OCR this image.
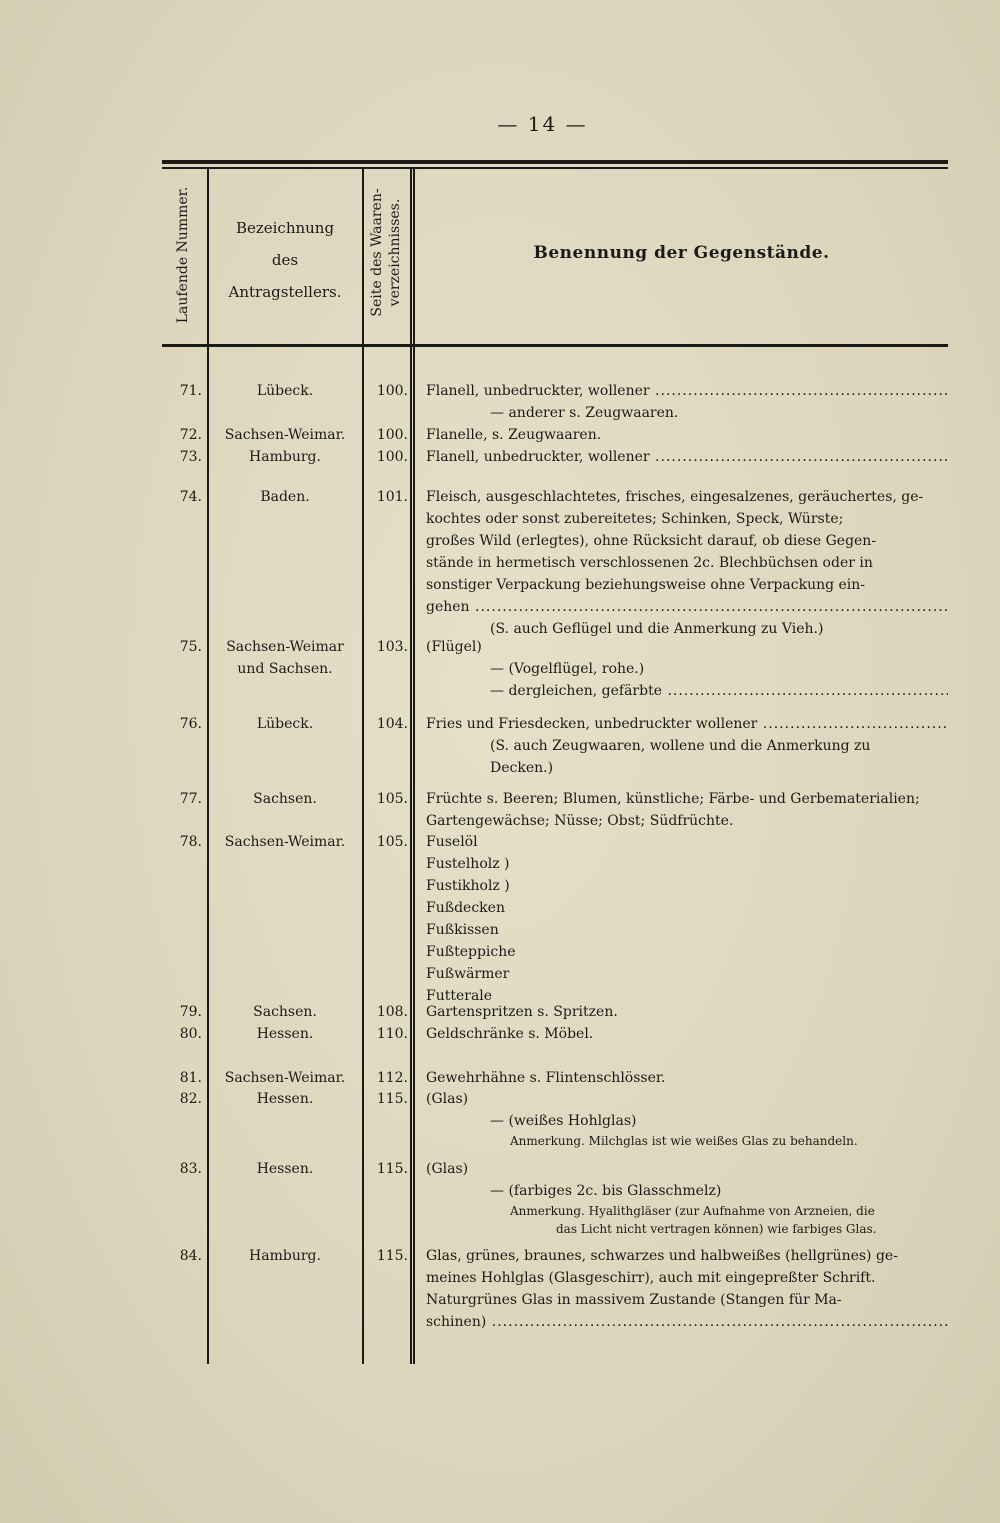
— 14 —
Laufende Nummer.	Bezeichnung
des
Antragstellers.	Seite des Waaren- verzeichnisses.	Benennung der Gegenstände.
71.	Lübeck.	100. Flanell, unbedruckter, wollener .....
— anderer s. Zeugwaaren.
72.	Sachsen-Weimar.	100. Flanelle, s. Zeugwaaren.
73.	Hamburg.	100. Flanell, unbedruckter, wollener .....
74.	Baden.	101. Fleisch, ausgeschlachtetes, frisches, eingesalzenes, geräuchertes, ge-
kochtes oder sonst zubereitetes; Schinken, Speck, Würste;
großes Wild (erlegtes), ohne Rücksicht darauf, ob diese Gegen-
stände in hermetisch verschlossenen 2c. Blechbüchsen oder in
sonstiger Verpackung beziehungsweise ohne Verpackung ein-
gehen .....
(S. auch Geflügel und die Anmerkung zu Vieh.)
75.	Sachsen-Weimar
und Sachsen.
103. (Flügel)
— (Vogelflügel, rohe.)
— dergleichen, gefärbte .....
76.	Lübeck.	104. Fries und Friesdecken, unbedruckter wollener .....
(S. auch Zeugwaaren, wollene und die Anmerkung zu
Decken.)
77.	Sachsen.	105. Früchte s. Beeren; Blumen, künstliche; Färbe- und Gerbematerialien;
Gartengewächse; Nüsse; Obst; Südfrüchte.
78.	Sachsen-Weimar.	105. Fuselöl
Fustelholz )
Fustikholz )
Fußdecken
Fußkissen
Fußteppiche
Fußwärmer
Futterale
79.	Sachsen.	108. Gartenspritzen s. Spritzen.
80.	Hessen.	110. Geldschränke s. Möbel.
81.	Sachsen-Weimar.	112. Gewehrhähne s. Flintenschlösser.
82.	Hessen.	115. (Glas)
— (weißes Hohlglas)
Anmerkung. Milchglas ist wie weißes Glas zu behandeln.
83.	Hessen.	115. (Glas)
— (farbiges 2c. bis Glasschmelz)
Anmerkung. Hyalithgläser (zur Aufnahme von Arzneien, die
das Licht nicht vertragen können) wie farbiges Glas.
84.	Hamburg.	115. Glas, grünes, braunes, schwarzes und halbweißes (hellgrünes) ge-
meines Hohlglas (Glasgeschirr), auch mit eingepreßter Schrift.
Naturgrünes Glas in massivem Zustande (Stangen für Ma-
schinen) .....
